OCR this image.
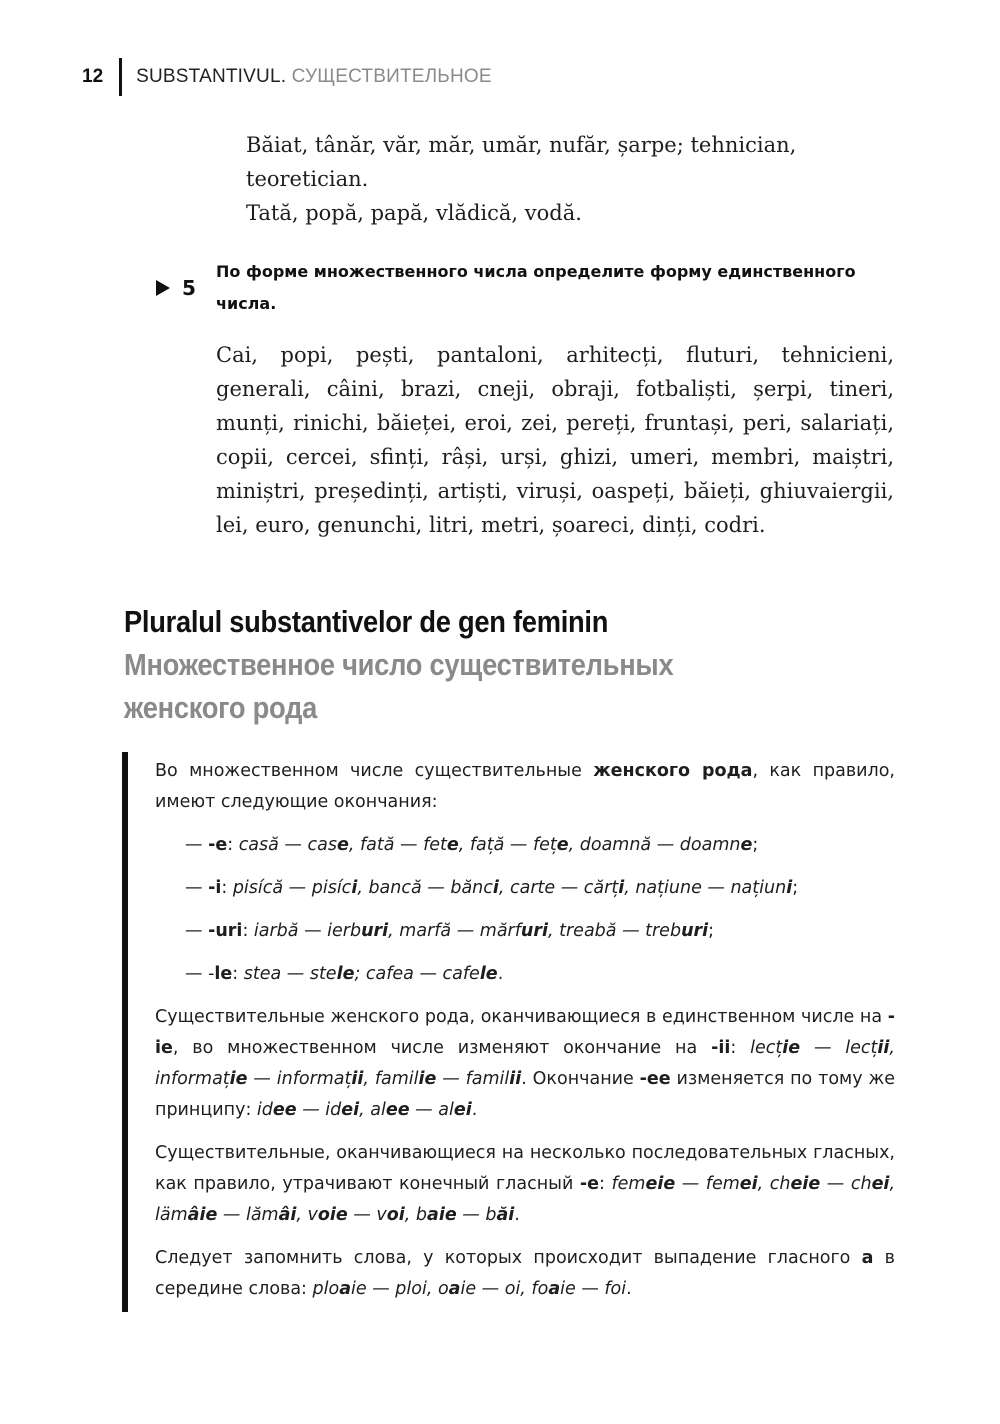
12 SUBSTANTIVUL. СУЩЕСТВИТЕЛЬНОЕ
Băiat, tânăr, văr, măr, umăr, nufăr, șarpe; tehnician, teoretician.
Tată, popă, papă, vlădică, vodă.
5
По форме множественного числа определите форму единственного числа.
Cai, popi, pești, pantaloni, arhitecți, fluturi, tehnicieni, generali, câini, brazi, cneji, obraji, fotbaliști, șerpi, tineri, munți, rinichi, băieței, eroi, zei, pereți, fruntași, peri, salariați, copii, cercei, sfinți, râși, urși, ghizi, umeri, membri, maiștri, miniștri, președinți, artiști, viruși, oaspeți, băieți, ghiuvaiergii, lei, euro, genunchi, litri, metri, șoareci, dinți, codri.
Pluralul substantivelor de gen feminin
Множественное число существительных
женского рода

Во множественном числе существительные женского рода, как правило, имеют следующие окончания:

— -e: casă — case, fată — fete, față — fețe, doamnă — doamne;

— -i: pisícă — pisíci, bancă — bănci, carte — cărți, națiune — națiuni;

— -uri: iarbă — ierburi, marfă — mărfuri, treabă — treburi;

— -le: stea — stele; cafea — cafele.

Существительные женского рода, оканчивающиеся в единственном числе на -ie, во множественном числе изменяют окончание на -ii: lecție — lecții, informație — informații, familie — familii. Окончание -ee изменяется по тому же принципу: idee — idei, alee — alei.

Существительные, оканчивающиеся на несколько последовательных гласных, как правило, утрачивают конечный гласный -e: femeie — femei, cheie — chei, lämâie — lămâi, voie — voi, baie — băi.

Следует запомнить слова, у которых происходит выпадение гласного a в середине слова: ploaie — ploi, oaie — oi, foaie — foi.
